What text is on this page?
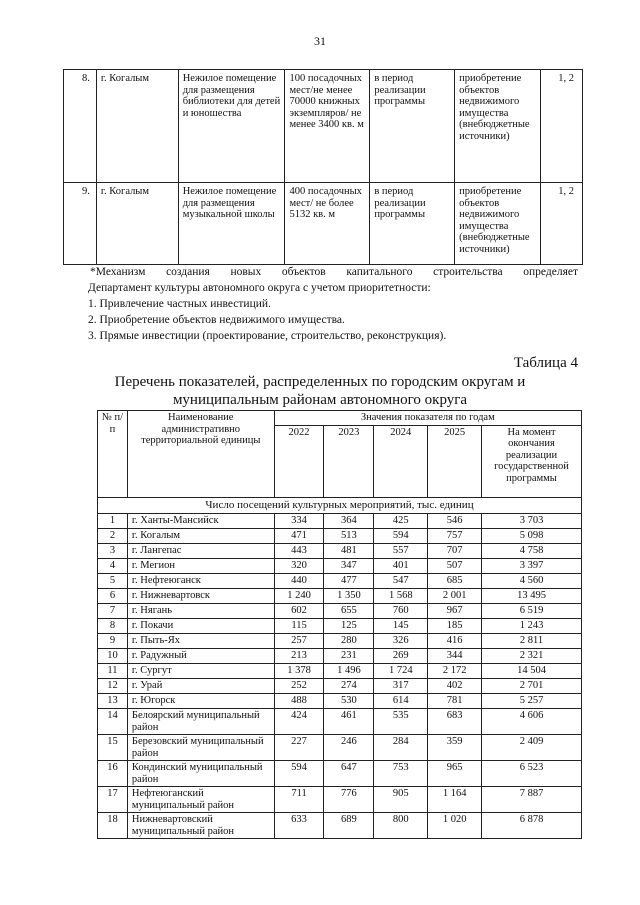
31
8.	г. Когалым	Нежилое помещение для размещения библиотеки для детей и юношества	100 посадочных мест/не менее 70000 книжных экземпляров/ не менее 3400 кв. м	в период реализации программы	приобретение объектов недвижимого имущества (внебюджетные источники)	1, 2
9.	г. Когалым	Нежилое помещение для размещения музыкальной школы	400 посадочных мест/ не более 5132 кв. м	в период реализации программы	приобретение объектов недвижимого имущества (внебюджетные источники)	1, 2

*Механизм создания новых объектов капитального строительства определяет

Департамент культуры автономного округа с учетом приоритетности:

1. Привлечение частных инвестиций.

2. Приобретение объектов недвижимого имущества.

3. Прямые инвестиции (проектирование, строительство, реконструкция).

Таблица 4
Перечень показателей, распределенных по городским округам и
муниципальным районам автономного округа
№ п/п	Наименование административно территориальной единицы	Значения показателя по годам				
		2022	2023	2024	2025	На момент окончания реализации государственной программы
Число посещений культурных мероприятий, тыс. единиц						
1	г. Ханты-Мансийск	334	364	425	546	3 703
2	г. Когалым	471	513	594	757	5 098
3	г. Лангепас	443	481	557	707	4 758
4	г. Мегион	320	347	401	507	3 397
5	г. Нефтеюганск	440	477	547	685	4 560
6	г. Нижневартовск	1 240	1 350	1 568	2 001	13 495
7	г. Нягань	602	655	760	967	6 519
8	г. Покачи	115	125	145	185	1 243
9	г. Пыть-Ях	257	280	326	416	2 811
10	г. Радужный	213	231	269	344	2 321
11	г. Сургут	1 378	1 496	1 724	2 172	14 504
12	г. Урай	252	274	317	402	2 701
13	г. Югорск	488	530	614	781	5 257
14	Белоярский муниципальный район	424	461	535	683	4 606
15	Березовский муниципальный район	227	246	284	359	2 409
16	Кондинский муниципальный район	594	647	753	965	6 523
17	Нефтеюганский муниципальный район	711	776	905	1 164	7 887
18	Нижневартовский муниципальный район	633	689	800	1 020	6 878
